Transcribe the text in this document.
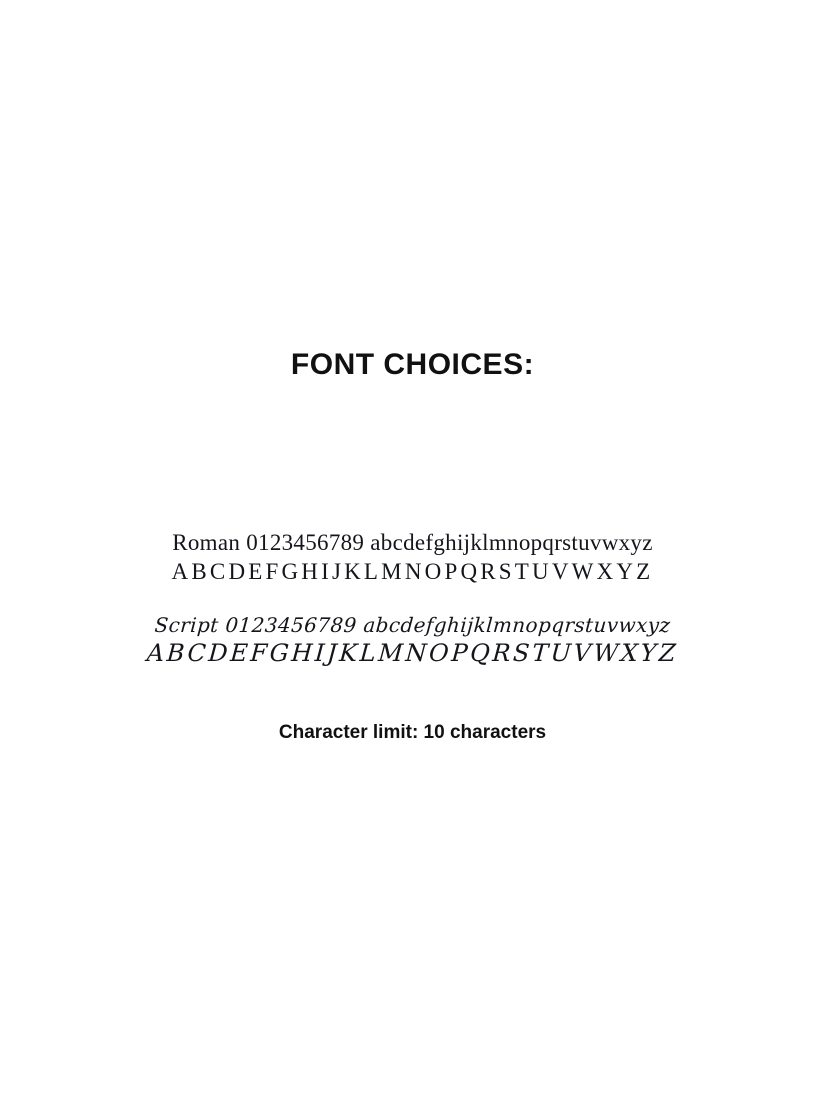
FONT CHOICES:
Roman 0123456789 abcdefghijklmnopqrstuvwxyz
ABCDEFGHIJKLMNOPQRSTUVWXYZ
Script 0123456789 abcdefghijklmnopqrstuvwxyz
ABCDEFGHIJKLMNOPQRSTUVWXYZ
Character limit: 10 characters
